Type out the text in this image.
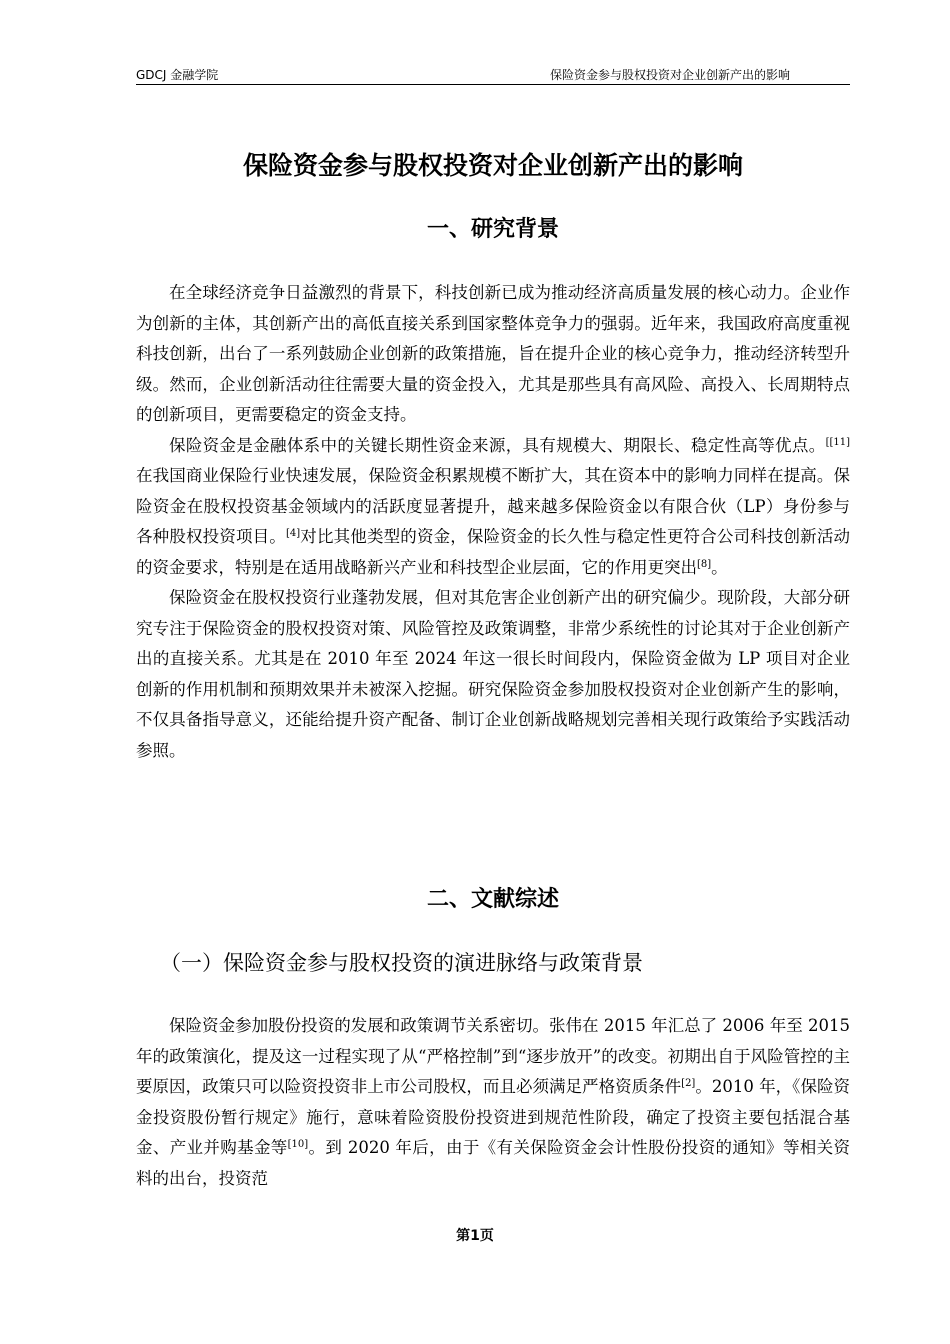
GDCJ 金融学院	保险资金参与股权投资对企业创新产出的影响
保险资金参与股权投资对企业创新产出的影响
一、研究背景

在全球经济竞争日益激烈的背景下，科技创新已成为推动经济高质量发展的核心动力。企业作为创新的主体，其创新产出的高低直接关系到国家整体竞争力的强弱。近年来，我国政府高度重视科技创新，出台了一系列鼓励企业创新的政策措施，旨在提升企业的核心竞争力，推动经济转型升级。然而，企业创新活动往往需要大量的资金投入，尤其是那些具有高风险、高投入、长周期特点的创新项目，更需要稳定的资金支持。

保险资金是金融体系中的关键长期性资金来源，具有规模大、期限长、稳定性高等优点。[[11]在我国商业保险行业快速发展，保险资金积累规模不断扩大，其在资本中的影响力同样在提高。保险资金在股权投资基金领域内的活跃度显著提升，越来越多保险资金以有限合伙（LP）身份参与各种股权投资项目。[4]对比其他类型的资金，保险资金的长久性与稳定性更符合公司科技创新活动的资金要求，特别是在适用战略新兴产业和科技型企业层面，它的作用更突出[8]。

保险资金在股权投资行业蓬勃发展，但对其危害企业创新产出的研究偏少。现阶段，大部分研究专注于保险资金的股权投资对策、风险管控及政策调整，非常少系统性的讨论其对于企业创新产出的直接关系。尤其是在 2010 年至 2024 年这一很长时间段内，保险资金做为 LP 项目对企业创新的作用机制和预期效果并未被深入挖掘。研究保险资金参加股权投资对企业创新产生的影响，不仅具备指导意义，还能给提升资产配备、制订企业创新战略规划完善相关现行政策给予实践活动参照。

二、文献综述
（一）保险资金参与股权投资的演进脉络与政策背景

保险资金参加股份投资的发展和政策调节关系密切。张伟在 2015 年汇总了 2006 年至 2015 年的政策演化，提及这一过程实现了从“严格控制”到“逐步放开”的改变。初期出自于风险管控的主要原因，政策只可以险资投资非上市公司股权，而且必须满足严格资质条件[2]。2010 年，《保险资金投资股份暂行规定》施行，意味着险资股份投资进到规范性阶段，确定了投资主要包括混合基金、产业并购基金等[10]。到 2020 年后，由于《有关保险资金会计性股份投资的通知》等相关资料的出台，投资范

第1页
